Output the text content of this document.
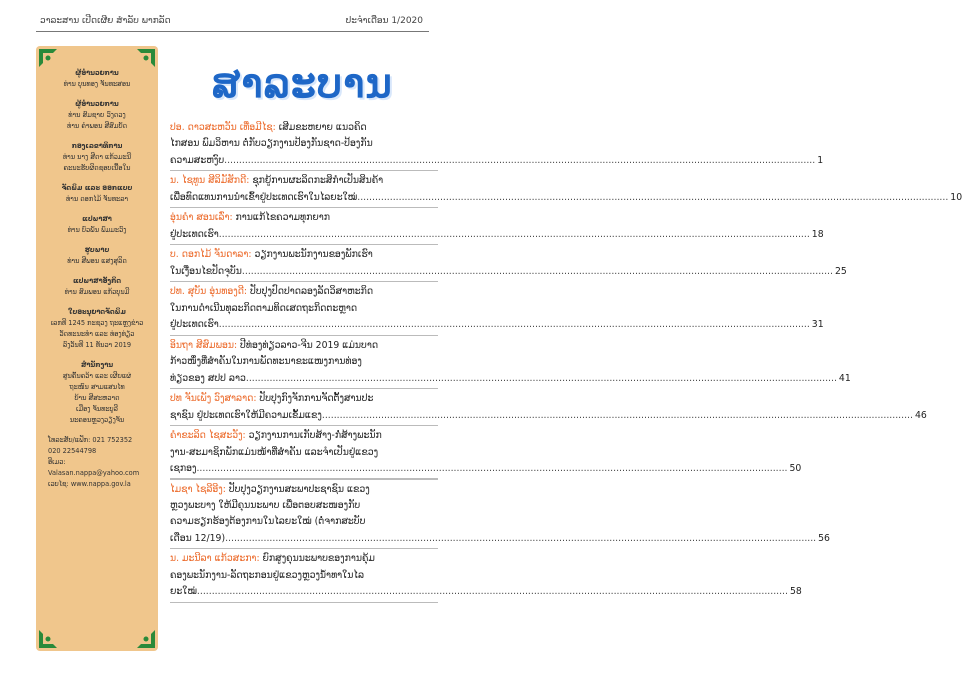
ວາລະສານ ເປີດເຜີຍ ສຳລັບ ພາກລັດ	ປະຈຳເດືອນ 1/2020
ຜູ້ອຳນວຍການ
ທ່ານ ບຸນທອງ ຈັນທະສອນ
ຜູ້ອຳນວຍການ
ທ່ານ ສົມຊາຍ ວົງດວງ
ທ່ານ ຄຳພອນ ສີສົມບັດ
ກອງເລຂາທິການ
ທ່ານ ນາງ ສີດາ ແກ້ວມະນີ
ຄະນະຮັບຜິດຊອບເນື້ອໃນ
ຈັດພິມ ແລະ ອອກແບບ
ທ່ານ ດອກໄມ້ ຈັນທະລາ
ແປພາສາ
ທ່ານ ບົວພັນ ພົມມະວົງ
ຮູບພາບ
ທ່ານ ສີພອນ ແສງສຸລິດ
ແປພາສາອັງກິດ
ທ່ານ ສົມພອນ ແກ້ວບຸນມີ
ໃບອະນຸຍາດຈັດພິມ
ເລກທີ 1245 ກະຊວງ ຖະແຫຼງຂ່າວ
ວັດທະນະທຳ ແລະ ທ່ອງທ່ຽວ
ລົງວັນທີ 11 ທັນວາ 2019
ສຳນັກງານ
ສູນຄົ້ນຄວ້າ ແລະ ເຜີຍແຜ່
ຖະໜົນ ສາມແສນໄທ
ບ້ານ ສີສະຫວາດ
ເມືອງ ຈັນທະບູລີ
ນະຄອນຫຼວງວຽງຈັນ
ໂທລະສັບ/ແຟັກ: 021 752352
020 22544798
ອີເມວ:
Valasan.nappa@yahoo.com
ເວບໄຊ: www.nappa.gov.la
ສາລະບານ
ປອ. ດາວສະຫວັນ ເທື່ອມີໄຊ: ເສີມຂະຫຍາຍ ແນວຄິດ
ໄກສອນ ພົມວິຫານ ຕໍ່ກັບວຽກງານປ້ອງກັນຊາດ-ປ້ອງກັນ
ຄວາມສະຫງົບ ........................................................................................................................................................................................................ 1
ນ. ໄຊທູນ ສີລິມັສັກດີ: ຊຸກຍູ້ການຜະລິດກະສິກຳເປັນສິນຄ້າ
ເພື່ອທົດແທນການນຳເຂົ້າຢູ່ປະເທດເຮົາໃນໄລຍະໃໝ່ ........................................................................................................................................................................................................ 10
ອຸ່ນຄໍາ ສອນເລົ່າ: ການແກ້ໄຂຄວາມທຸກຍາກ
ຢູ່ປະເທດເຮົາ ........................................................................................................................................................................................................ 18
ບ. ດອກໄມ້ ຈັນດາລາ: ວຽກງານພະນັກງານຂອງພັກເຮົາ
ໃນເງື່ອນໄຂປັດຈຸບັນ ........................................................................................................................................................................................................ 25
ປທ. ສຸບັນ ອຸ່ນທອງດີ: ປັບປຸງປົດປາດລອງລັດວິສາຫະກິດ
ໃນການດຳເນີນທຸລະກິດຕາມທິດເສດຖະກິດຕະຫຼາດ
ຢູ່ປະເທດເຮົາ ........................................................................................................................................................................................................ 31
ອິນຖາ ສີສົມພອນ: ປີທ່ອງທ່ຽວລາວ-ຈີນ 2019 ແມ່ນບາດ
ກ້າວໜຶ່ງທີ່ສຳຄັນໃນການພັດທະນາຂະແໜງການທ່ອງ
ທ່ຽວຂອງ ສປປ ລາວ ........................................................................................................................................................................................................ 41
ປທ ຈັນເພັງ ວົງສາລາດ: ປັບປຸງກົງຈັກການຈັດຕັ້ງສານປະ
ຊາຊົນ ຢູ່ປະເທດເຮົາໃຫ້ມີຄວາມເຂັ້ມແຂງ ........................................................................................................................................................................................................ 46
ຄຳຂະລິດ ໄຊສະວັງ: ວຽກງານການເກັບສ້າງ-ກໍ່ສ້າງພະນັກ
ງານ-ສະມາຊິກພັກແມ່ນໜ້າທີ່ສຳຄັນ ແລະຈຳເປັນຢູ່ແຂວງ
ເຊກອງ ........................................................................................................................................................................................................ 50
ໄມຊາ ໄຊລີອີງ: ປັບປຸງວຽກງານສະພາປະຊາຊົນ ແຂວງ
ຫຼວງພະບາງ ໃຫ້ມີຄຸນນະພາບ ເພື່ອຕອບສະໜອງກັບ
ຄວາມຮຽກຮ້ອງຕ້ອງການໃນໄລຍະໃໝ່ (ຕໍ່ຈາກສະບັບ
ເດືອນ 12/19) ........................................................................................................................................................................................................ 56
ນ. ມະນີລາ ແກ້ວສະກາ: ຍົກສູງຄຸນນະພາບຂອງການຄຸ້ມ
ຄອງພະນັກງານ-ລັດຖະກອນຢູ່ແຂວງຫຼວງນ້ຳທາໃນໄລ
ຍະໃໝ່ ........................................................................................................................................................................................................ 58
